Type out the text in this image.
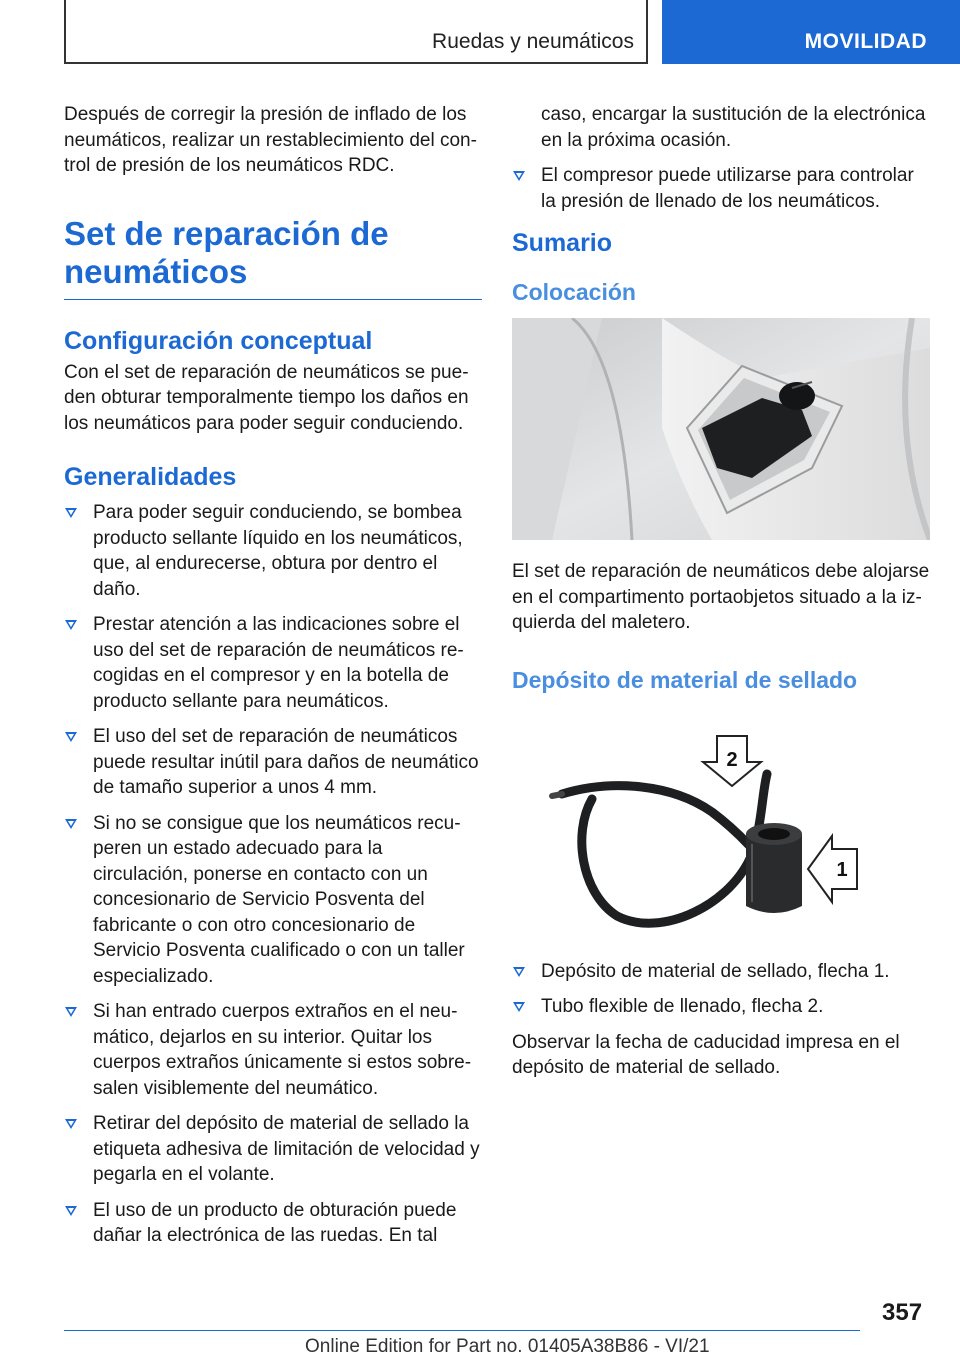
Ruedas y neumáticos	MOVILIDAD

Después de corregir la presión de inflado de los neumáticos, realizar un restablecimiento del control de presión de los neumáticos RDC.

Set de reparación de neumáticos
Configuración conceptual

Con el set de reparación de neumáticos se pueden obturar temporalmente tiempo los daños en los neumáticos para poder seguir conduciendo.

Generalidades
Para poder seguir conduciendo, se bombea producto sellante líquido en los neumáticos, que, al endurecerse, obtura por dentro el daño.
Prestar atención a las indicaciones sobre el uso del set de reparación de neumáticos recogidas en el compresor y en la botella de producto sellante para neumáticos.
El uso del set de reparación de neumáticos puede resultar inútil para daños de neumático de tamaño superior a unos 4 mm.
Si no se consigue que los neumáticos recuperen un estado adecuado para la circulación, ponerse en contacto con un concesionario de Servicio Posventa del fabricante o con otro concesionario de Servicio Posventa cualificado o con un taller especializado.
Si han entrado cuerpos extraños en el neumático, dejarlos en su interior. Quitar los cuerpos extraños únicamente si estos sobresalen visiblemente del neumático.
Retirar del depósito de material de sellado la etiqueta adhesiva de limitación de velocidad y pegarla en el volante.
El uso de un producto de obturación puede dañar la electrónica de las ruedas. En tal
caso, encargar la sustitución de la electrónica en la próxima ocasión.
El compresor puede utilizarse para controlar la presión de llenado de los neumáticos.
Sumario
Colocación

El set de reparación de neumáticos debe alojarse en el compartimento portaobjetos situado a la izquierda del maletero.

Depósito de material de sellado
2
1
Depósito de material de sellado, flecha 1.
Tubo flexible de llenado, flecha 2.

Observar la fecha de caducidad impresa en el depósito de material de sellado.

357
Online Edition for Part no. 01405A38B86 - VI/21
